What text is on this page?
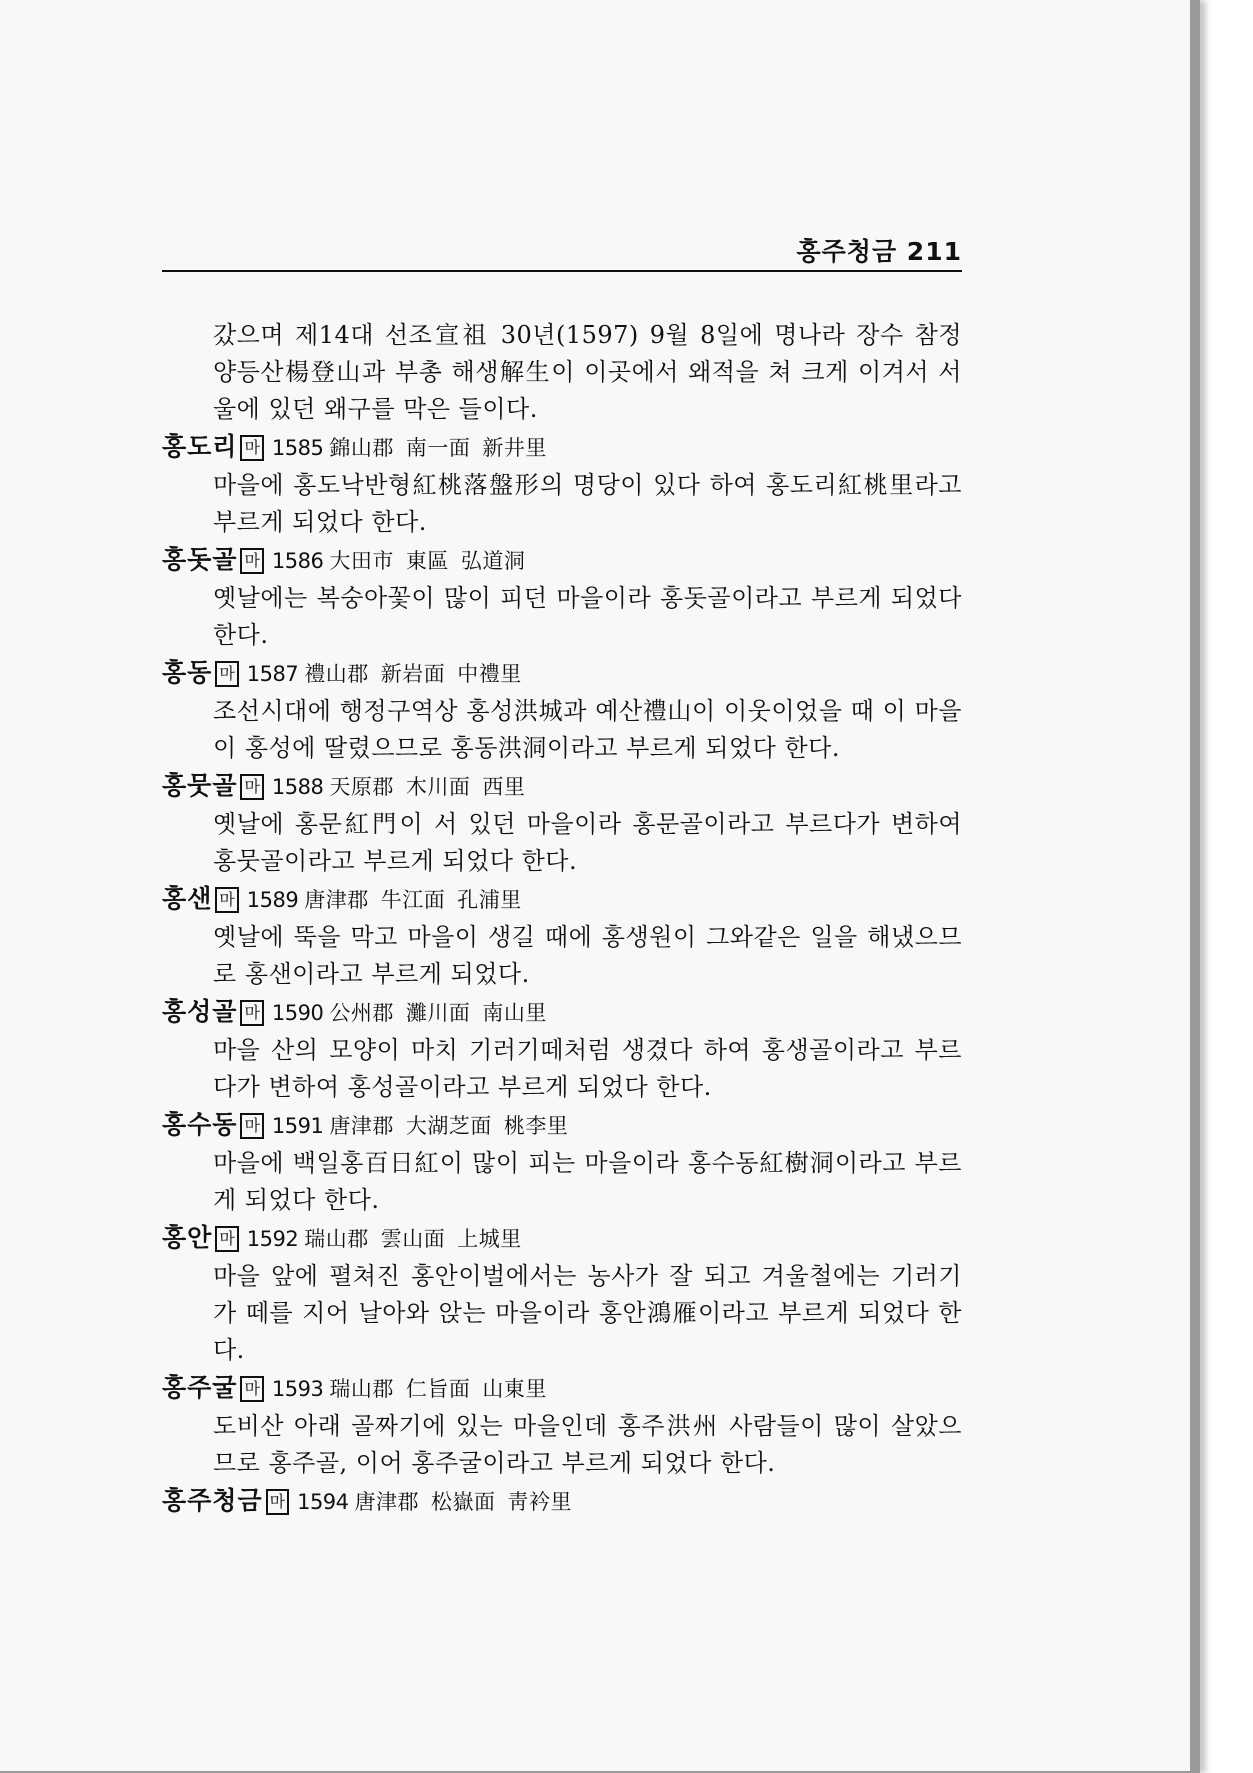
홍주청금 211

갔으며 제14대 선조宣祖 30년(1597) 9월 8일에 명나라 장수 참정 양등산楊登山과 부총 해생解生이 이곳에서 왜적을 쳐 크게 이겨서 서울에 있던 왜구를 막은 들이다.

홍도리 마 1585 錦山郡 南一面 新井里

마을에 홍도낙반형紅桃落盤形의 명당이 있다 하여 홍도리紅桃里라고 부르게 되었다 한다.

홍돗골 마 1586 大田市 東區 弘道洞

옛날에는 복숭아꽃이 많이 피던 마을이라 홍돗골이라고 부르게 되었다 한다.

홍동 마 1587 禮山郡 新岩面 中禮里

조선시대에 행정구역상 홍성洪城과 예산禮山이 이웃이었을 때 이 마을이 홍성에 딸렸으므로 홍동洪洞이라고 부르게 되었다 한다.

홍뭇골 마 1588 天原郡 木川面 西里

옛날에 홍문紅門이 서 있던 마을이라 홍문골이라고 부르다가 변하여 홍뭇골이라고 부르게 되었다 한다.

홍샌 마 1589 唐津郡 牛江面 孔浦里

옛날에 뚝을 막고 마을이 생길 때에 홍생원이 그와같은 일을 해냈으므로 홍샌이라고 부르게 되었다.

홍성골 마 1590 公州郡 灘川面 南山里

마을 산의 모양이 마치 기러기떼처럼 생겼다 하여 홍생골이라고 부르다가 변하여 홍성골이라고 부르게 되었다 한다.

홍수동 마 1591 唐津郡 大湖芝面 桃李里

마을에 백일홍百日紅이 많이 피는 마을이라 홍수동紅樹洞이라고 부르게 되었다 한다.

홍안 마 1592 瑞山郡 雲山面 上城里

마을 앞에 펼쳐진 홍안이벌에서는 농사가 잘 되고 겨울철에는 기러기가 떼를 지어 날아와 앉는 마을이라 홍안鴻雁이라고 부르게 되었다 한다.

홍주굴 마 1593 瑞山郡 仁旨面 山東里

도비산 아래 골짜기에 있는 마을인데 홍주洪州 사람들이 많이 살았으므로 홍주골, 이어 홍주굴이라고 부르게 되었다 한다.

홍주청금 마 1594 唐津郡 松嶽面 靑衿里
